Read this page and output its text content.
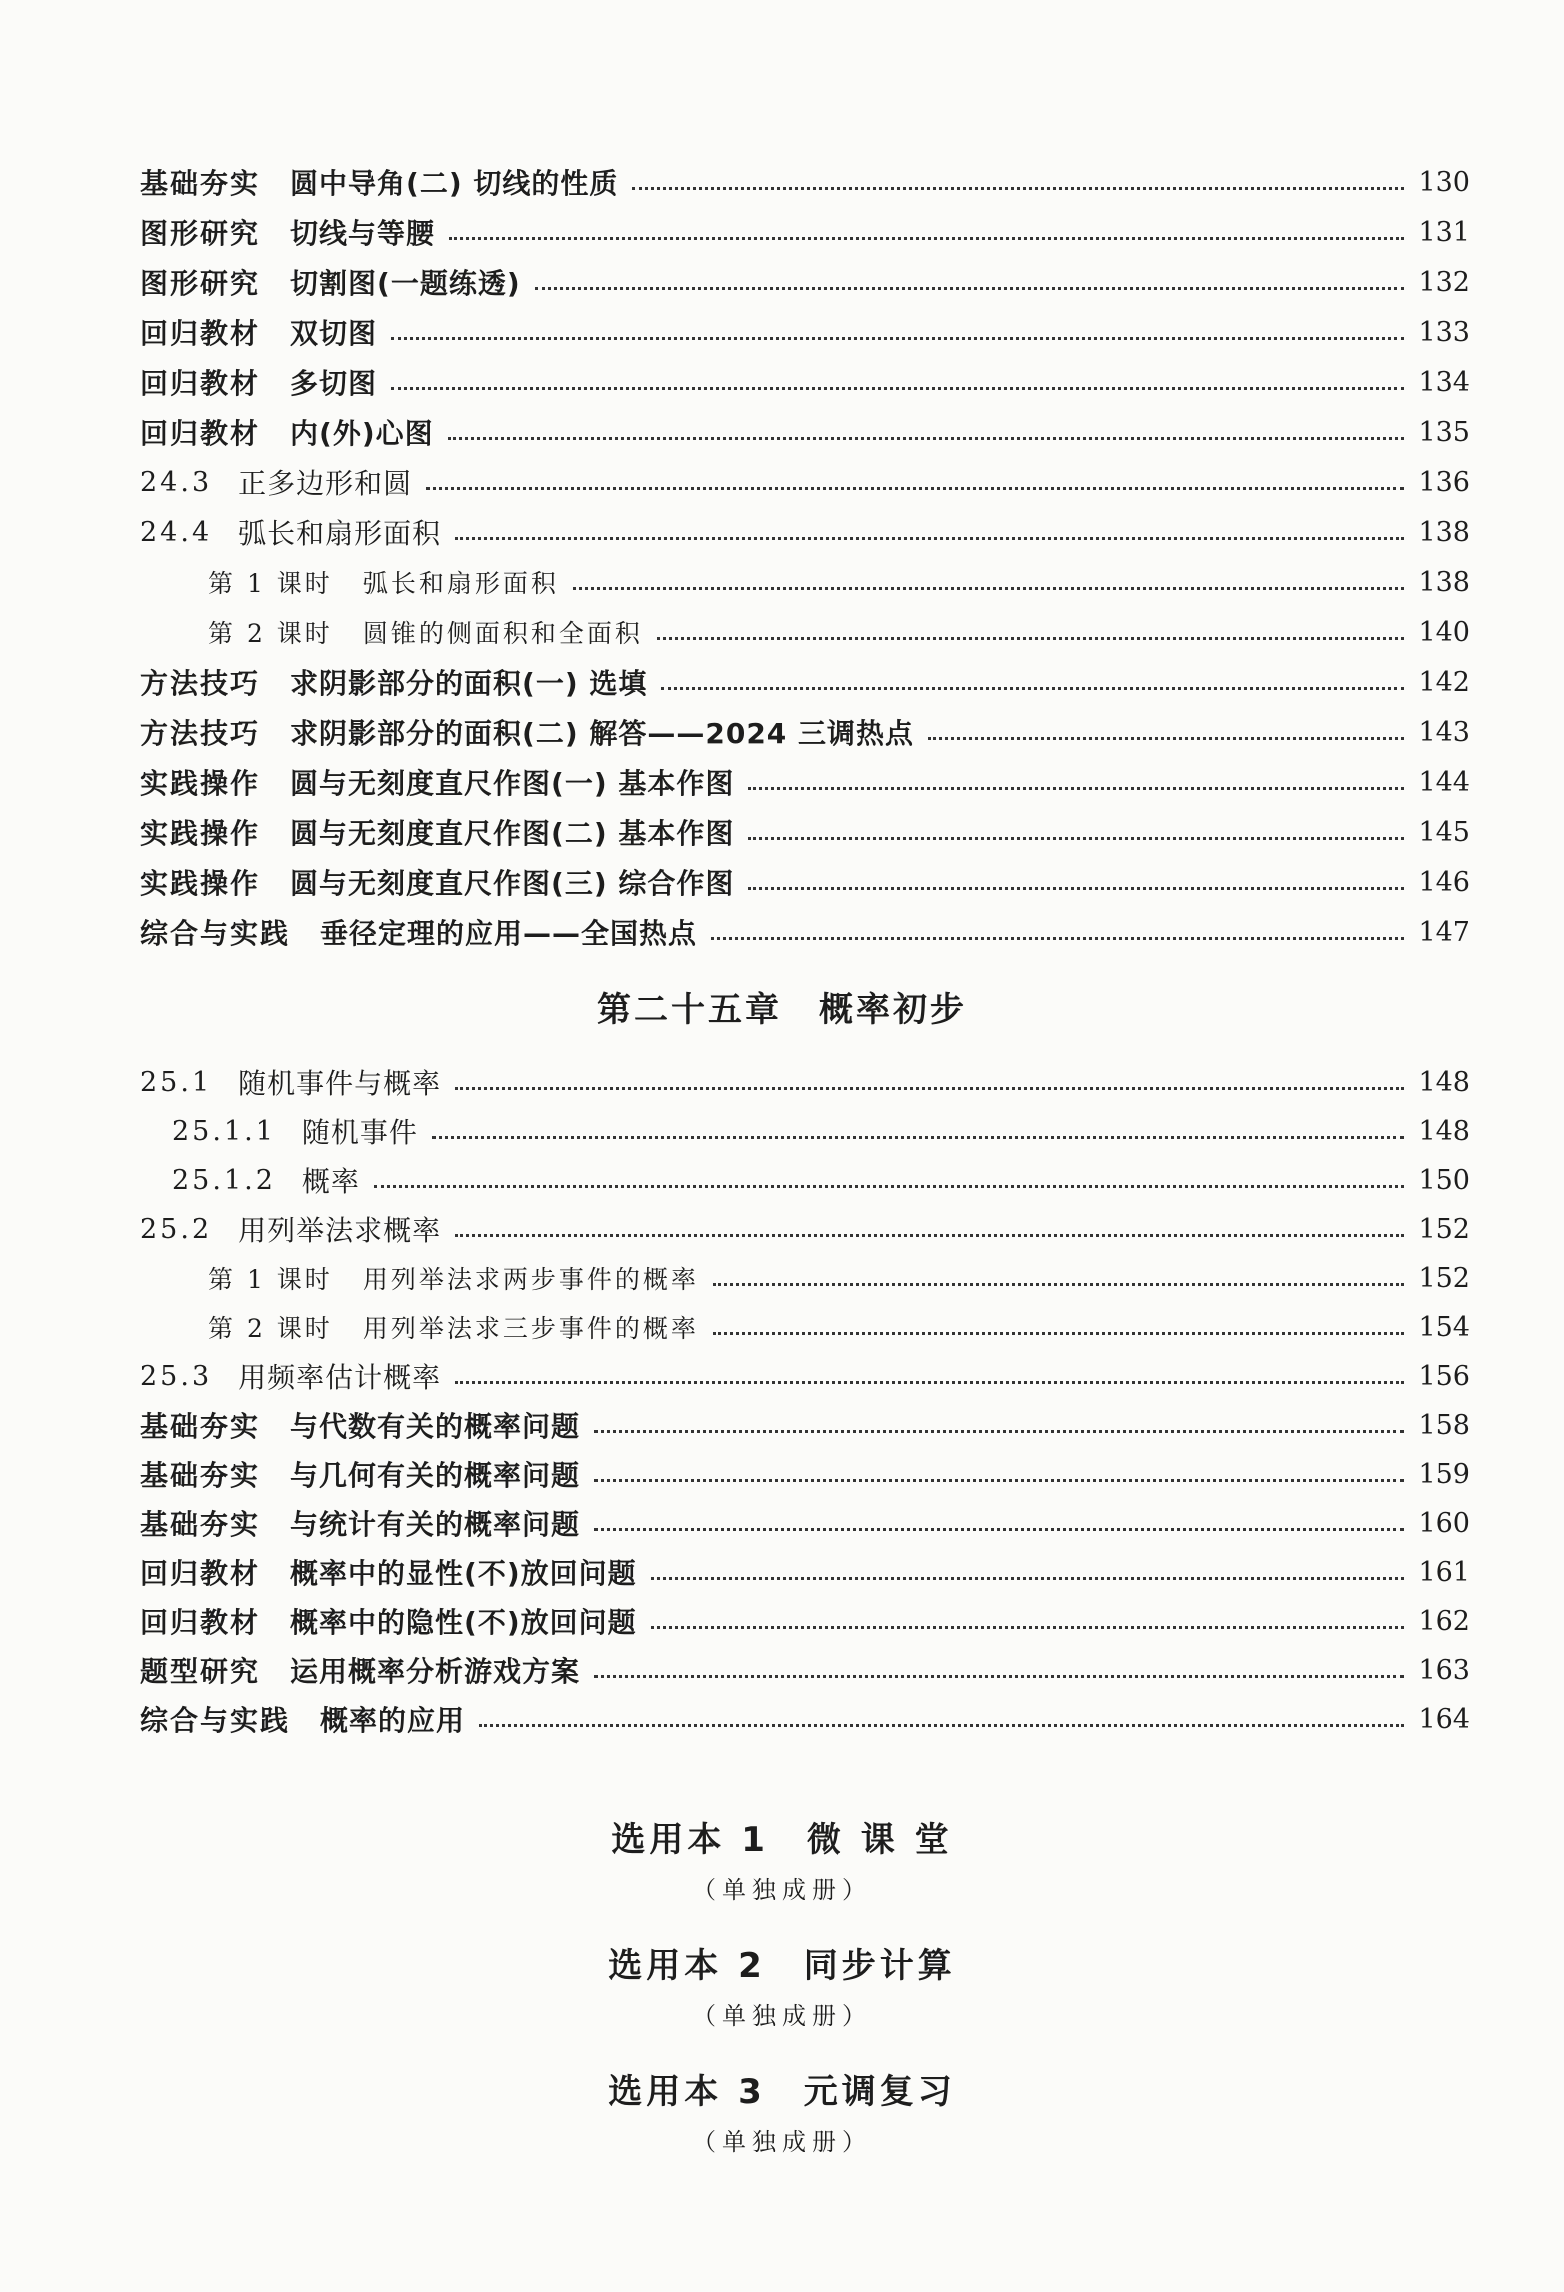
基础夯实 圆中导角(二) 切线的性质	130
图形研究 切线与等腰	131
图形研究 切割图(一题练透)	132
回归教材 双切图	133
回归教材 多切图	134
回归教材 内(外)心图	135
24.3 正多边形和圆	136
24.4 弧长和扇形面积	138
第 1 课时 弧长和扇形面积	138
第 2 课时 圆锥的侧面积和全面积	140
方法技巧 求阴影部分的面积(一) 选填	142
方法技巧 求阴影部分的面积(二) 解答——2024 三调热点	143
实践操作 圆与无刻度直尺作图(一) 基本作图	144
实践操作 圆与无刻度直尺作图(二) 基本作图	145
实践操作 圆与无刻度直尺作图(三) 综合作图	146
综合与实践 垂径定理的应用——全国热点	147
第二十五章　概率初步
25.1 随机事件与概率	148
25.1.1 随机事件	148
25.1.2 概率	150
25.2 用列举法求概率	152
第 1 课时 用列举法求两步事件的概率	152
第 2 课时 用列举法求三步事件的概率	154
25.3 用频率估计概率	156
基础夯实 与代数有关的概率问题	158
基础夯实 与几何有关的概率问题	159
基础夯实 与统计有关的概率问题	160
回归教材 概率中的显性(不)放回问题	161
回归教材 概率中的隐性(不)放回问题	162
题型研究 运用概率分析游戏方案	163
综合与实践 概率的应用	164
选用本 1　微 课 堂
（单独成册）
选用本 2　同步计算
（单独成册）
选用本 3　元调复习
（单独成册）
